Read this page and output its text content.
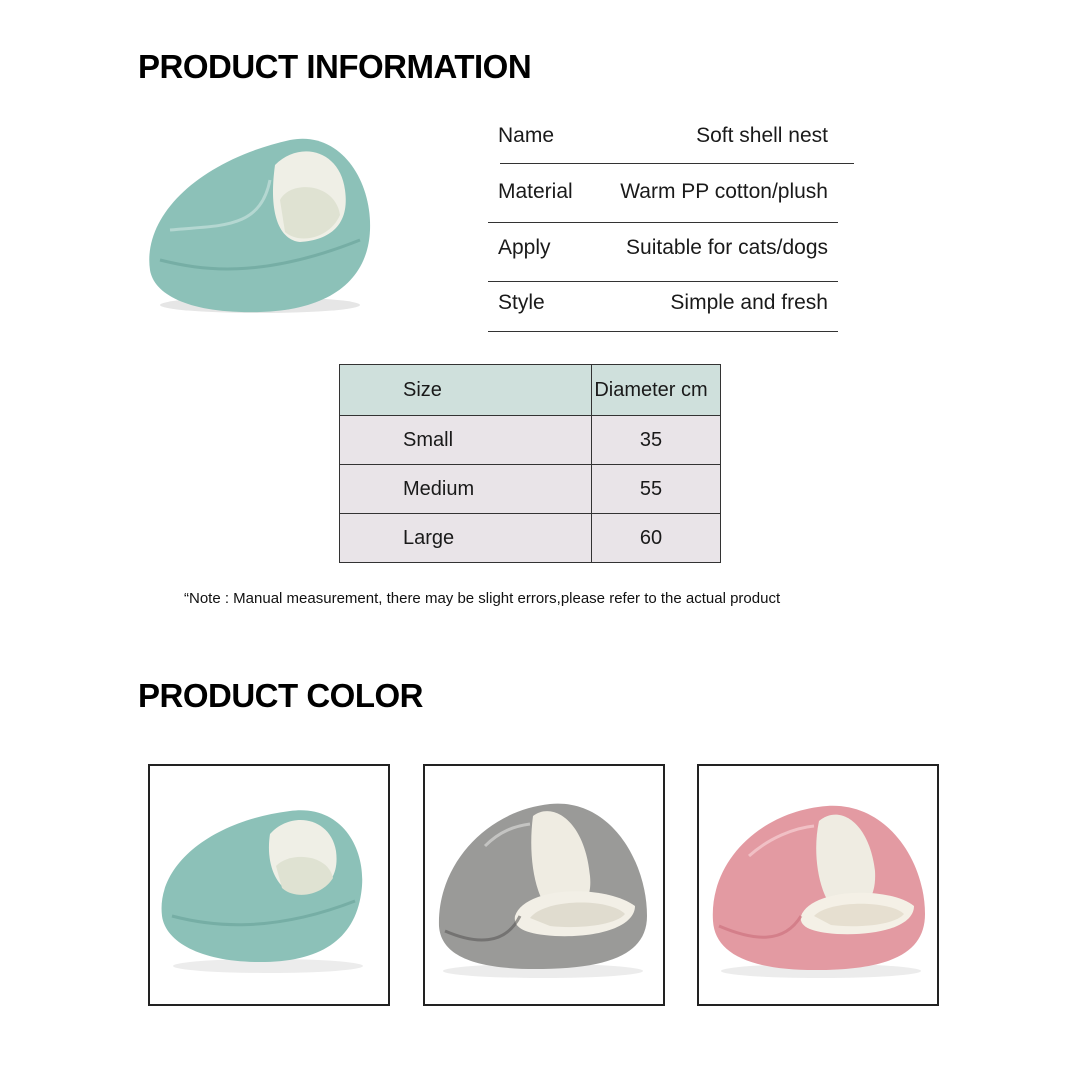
PRODUCT INFORMATION
Name	Soft shell nest
Material Warm PP cotton/plush
Apply	Suitable for cats/dogs
Style	Simple and fresh
Size	Diameter cm
Small	35
Medium	55
Large	60
“Note : Manual measurement, there may be slight errors,please refer to the actual product
PRODUCT COLOR
